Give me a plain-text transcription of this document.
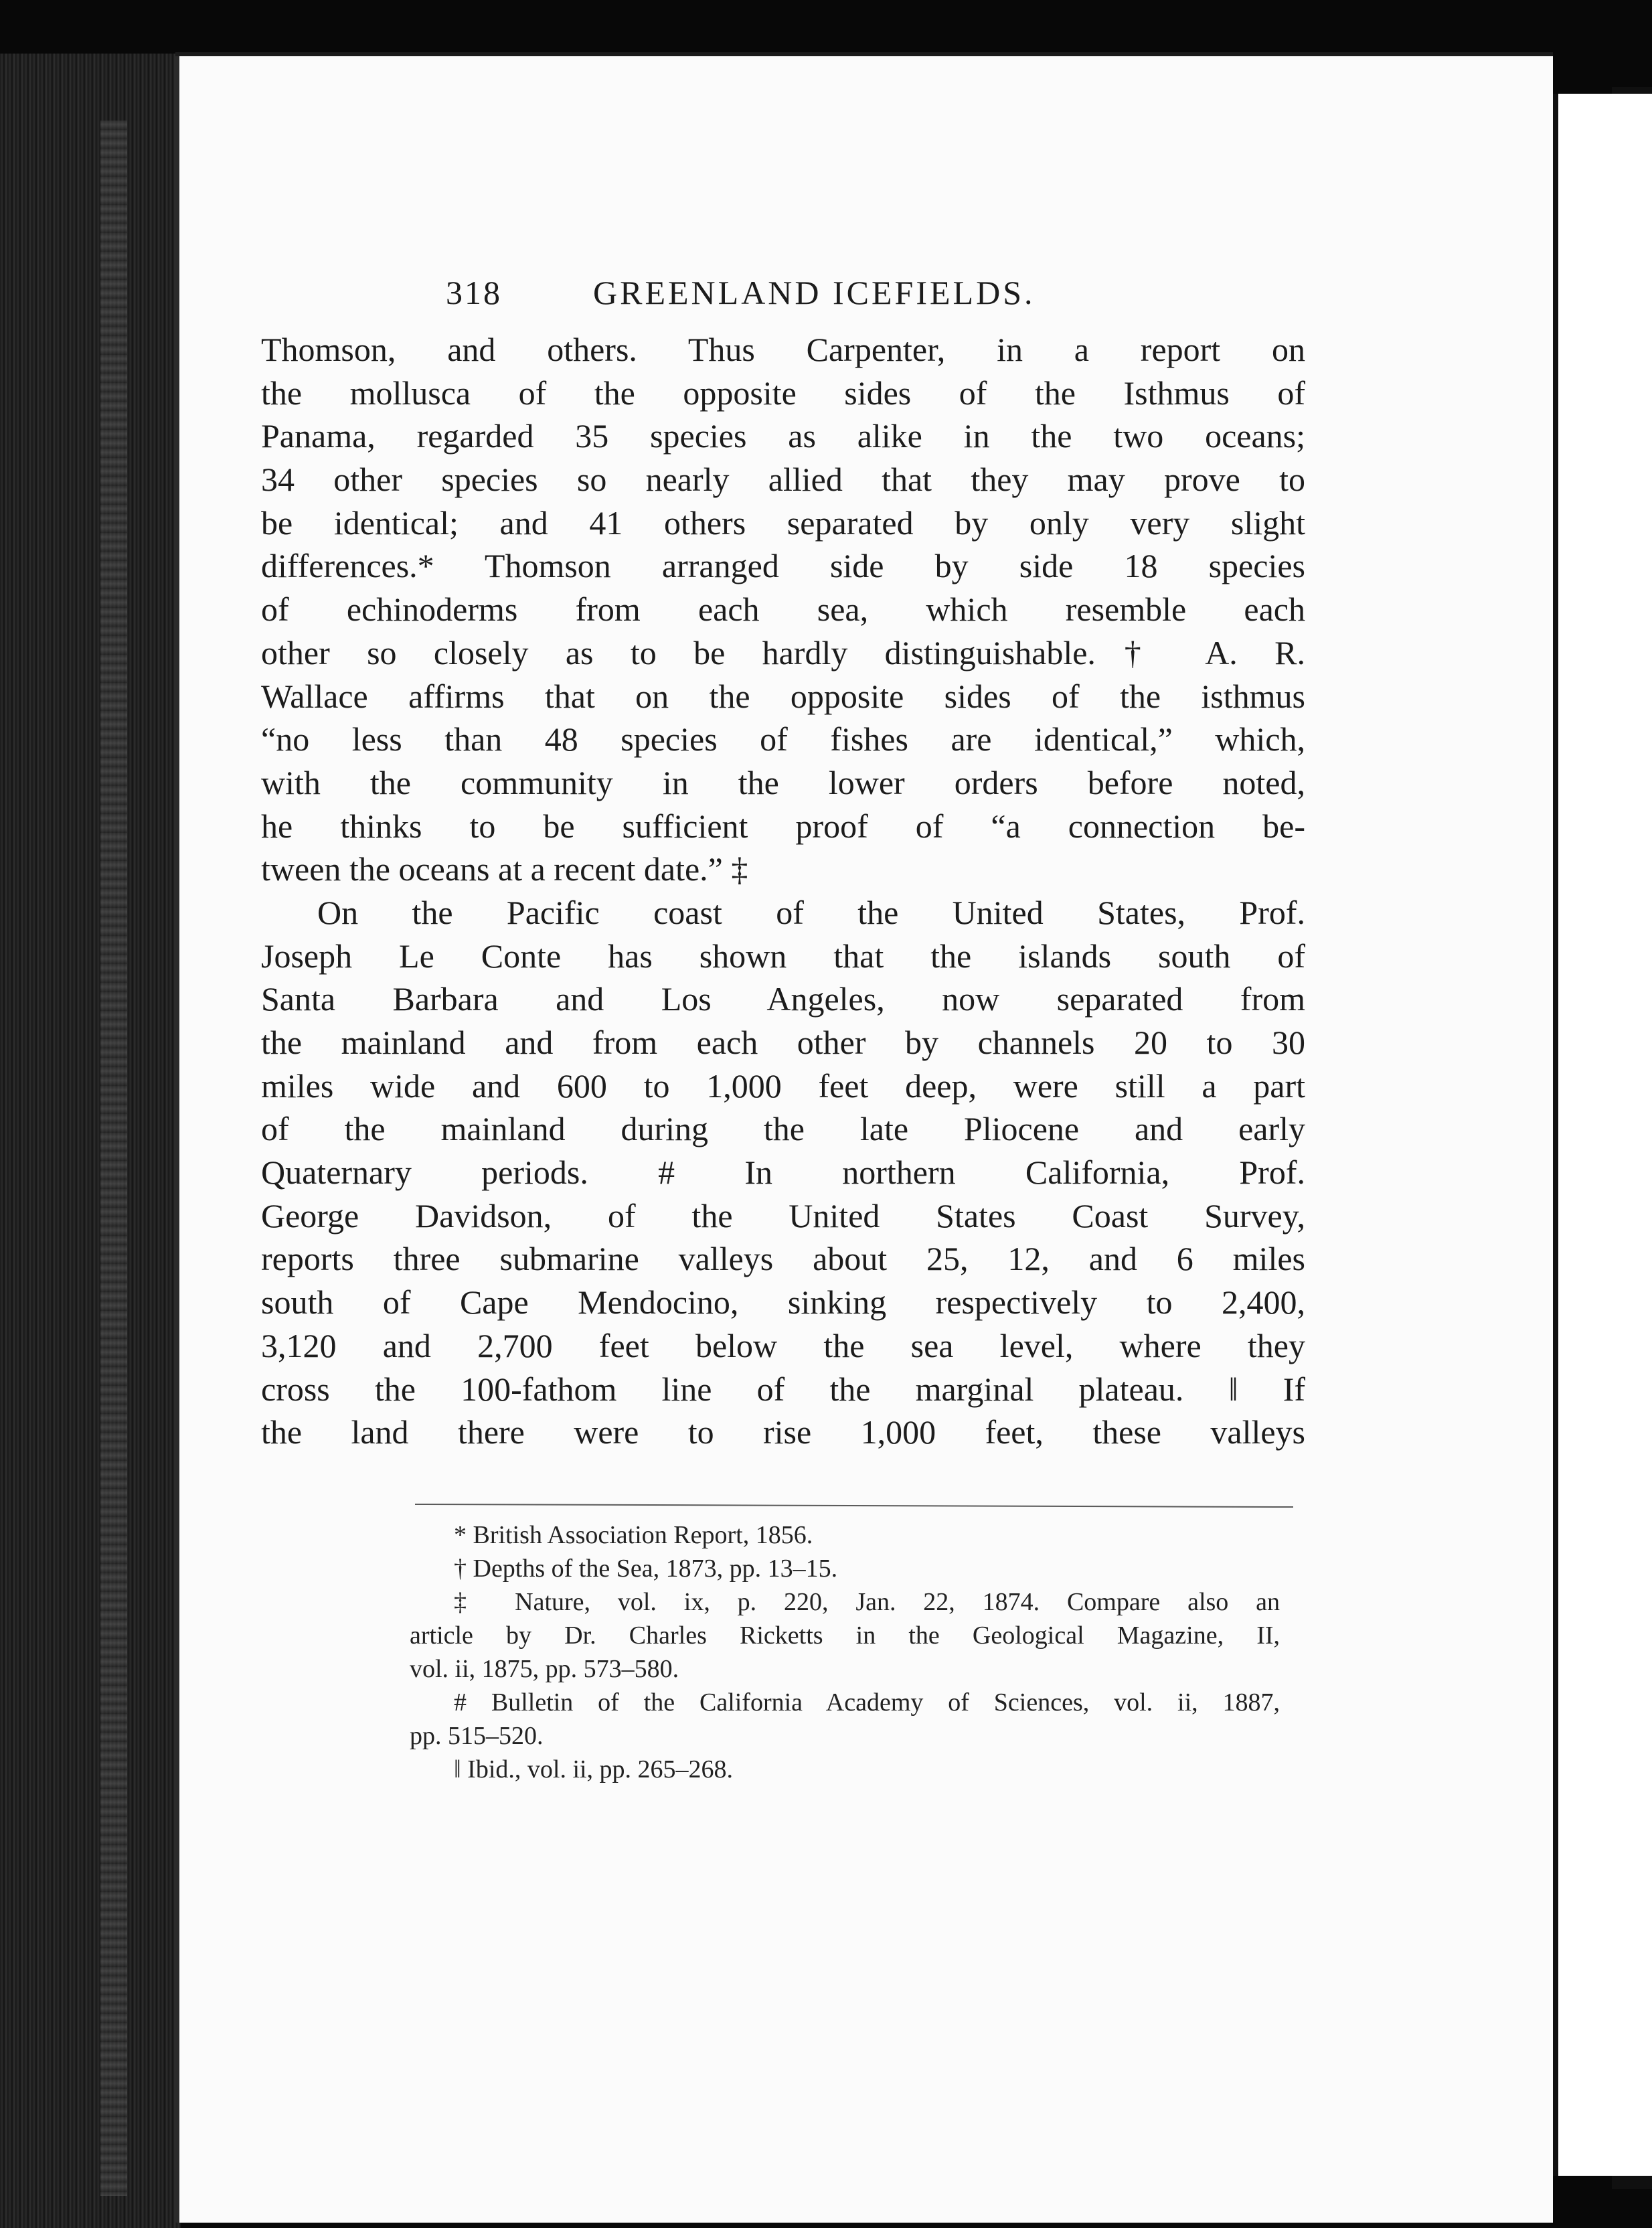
318	GREENLAND ICEFIELDS.
Thomson, and others. Thus Carpenter, in a report on
the mollusca of the opposite sides of the Isthmus of
Panama, regarded 35 species as alike in the two oceans;
34 other species so nearly allied that they may prove to
be identical; and 41 others separated by only very slight
differences.* Thomson arranged side by side 18 species
of echinoderms from each sea, which resemble each
other so closely as to be hardly distinguishable.† A. R.
Wallace affirms that on the opposite sides of the isthmus
“no less than 48 species of fishes are identical,” which,
with the community in the lower orders before noted,
he thinks to be sufficient proof of “a connection be-
tween the oceans at a recent date.” ‡
On the Pacific coast of the United States, Prof.
Joseph Le Conte has shown that the islands south of
Santa Barbara and Los Angeles, now separated from
the mainland and from each other by channels 20 to 30
miles wide and 600 to 1,000 feet deep, were still a part
of the mainland during the late Pliocene and early
Quaternary periods. # In northern California, Prof.
George Davidson, of the United States Coast Survey,
reports three submarine valleys about 25, 12, and 6 miles
south of Cape Mendocino, sinking respectively to 2,400,
3,120 and 2,700 feet below the sea level, where they
cross the 100-fathom line of the marginal plateau. ‖ If
the land there were to rise 1,000 feet, these valleys
* British Association Report, 1856.
† Depths of the Sea, 1873, pp. 13–15.
‡ Nature, vol. ix, p. 220, Jan. 22, 1874. Compare also an
article by Dr. Charles Ricketts in the Geological Magazine, II,
vol. ii, 1875, pp. 573–580.
# Bulletin of the California Academy of Sciences, vol. ii, 1887,
pp. 515–520.
‖ Ibid., vol. ii, pp. 265–268.
